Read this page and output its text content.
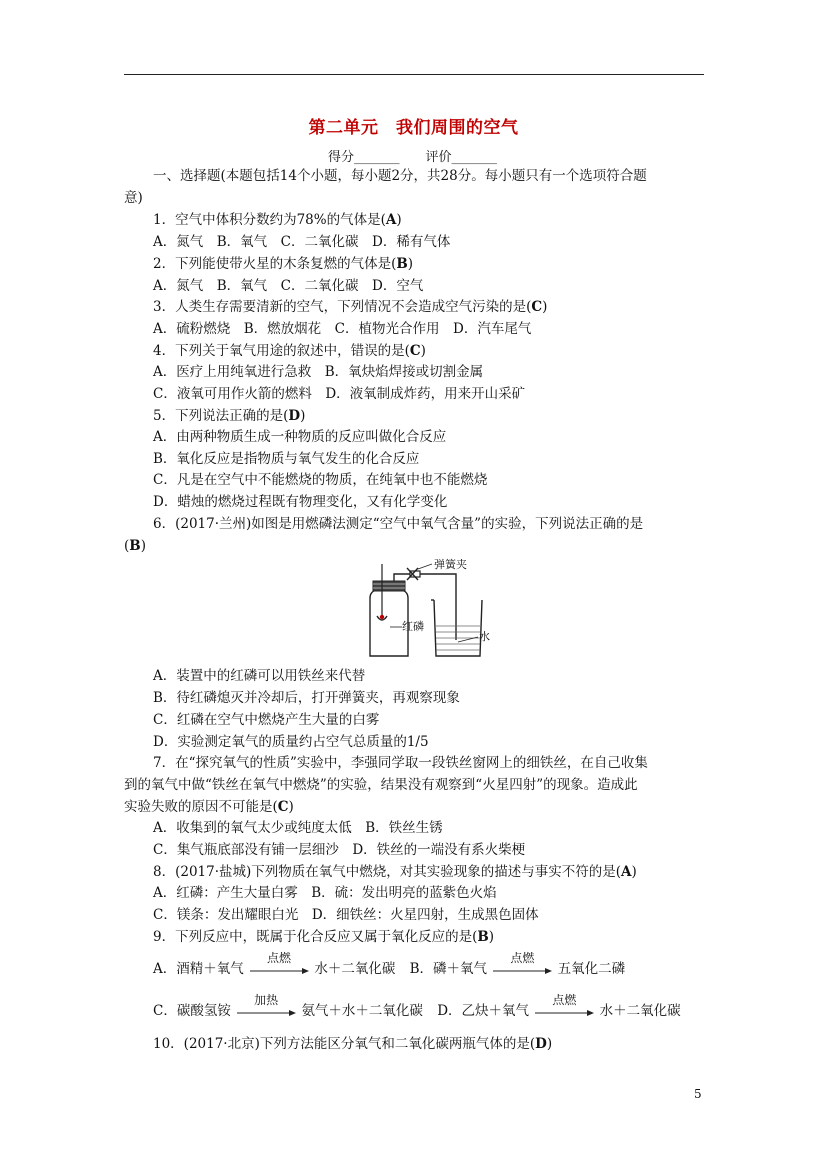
第二单元　我们周围的空气
得分_______　　评价_______
一、选择题(本题包括14个小题，每小题2分，共28分。每小题只有一个选项符合题
意)
1．空气中体积分数约为78%的气体是(A)
A．氮气　B．氧气　C．二氧化碳　D．稀有气体
2．下列能使带火星的木条复燃的气体是(B)
A．氮气　B．氧气　C．二氧化碳　D．空气
3．人类生存需要清新的空气，下列情况不会造成空气污染的是(C)
A．硫粉燃烧　B．燃放烟花　C．植物光合作用　D．汽车尾气
4．下列关于氧气用途的叙述中，错误的是(C)
A．医疗上用纯氧进行急救　B．氧炔焰焊接或切割金属
C．液氧可用作火箭的燃料　D．液氧制成炸药，用来开山采矿
5．下列说法正确的是(D)
A．由两种物质生成一种物质的反应叫做化合反应
B．氧化反应是指物质与氧气发生的化合反应
C．凡是在空气中不能燃烧的物质，在纯氧中也不能燃烧
D．蜡烛的燃烧过程既有物理变化，又有化学变化
6．(2017·兰州)如图是用燃磷法测定“空气中氧气含量”的实验，下列说法正确的是
(B)
弹簧夹
红磷
水
A．装置中的红磷可以用铁丝来代替
B．待红磷熄灭并冷却后，打开弹簧夹，再观察现象
C．红磷在空气中燃烧产生大量的白雾
D．实验测定氧气的质量约占空气总质量的1/5
7．在“探究氧气的性质”实验中，李强同学取一段铁丝窗网上的细铁丝，在自己收集
到的氧气中做“铁丝在氧气中燃烧”的实验，结果没有观察到“火星四射”的现象。造成此
实验失败的原因不可能是(C)
A．收集到的氧气太少或纯度太低　B．铁丝生锈
C．集气瓶底部没有铺一层细沙　D．铁丝的一端没有系火柴梗
8．(2017·盐城)下列物质在氧气中燃烧，对其实验现象的描述与事实不符的是(A)
A．红磷：产生大量白雾　B．硫：发出明亮的蓝紫色火焰
C．镁条：发出耀眼白光　D．细铁丝：火星四射，生成黑色固体
9．下列反应中，既属于化合反应又属于氧化反应的是(B)
A．酒精＋氧气
点燃
水＋二氧化碳 B．磷＋氧气
点燃
五氧化二磷
C．碳酸氢铵
加热
氨气＋水＋二氧化碳 D．乙炔＋氧气
点燃
水＋二氧化碳
10．(2017·北京)下列方法能区分氧气和二氧化碳两瓶气体的是(D)
5
